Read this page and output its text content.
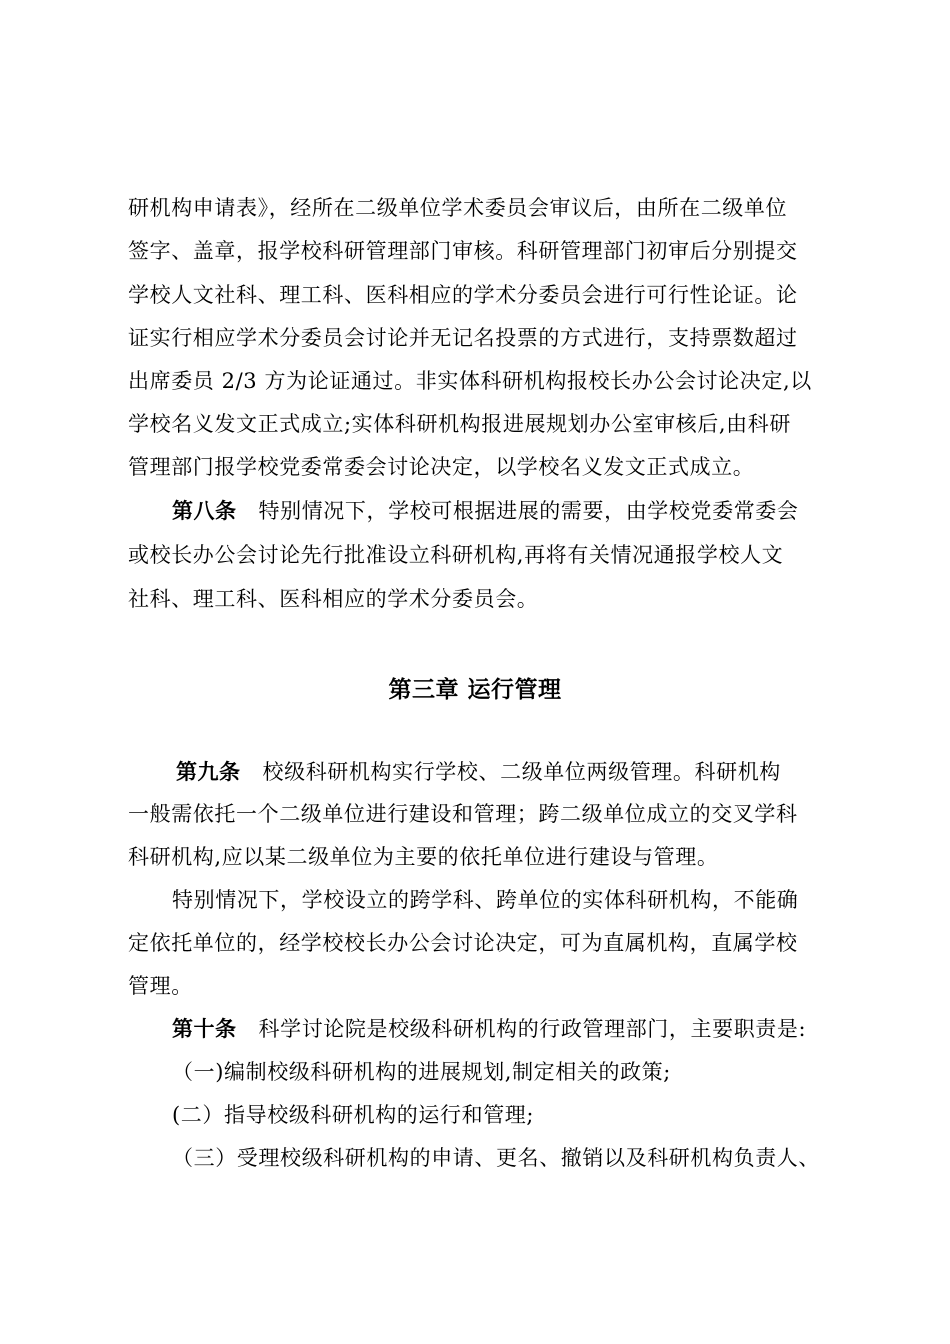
研机构申请表》，经所在二级单位学术委员会审议后，由所在二级单位
签字、盖章，报学校科研管理部门审核。科研管理部门初审后分别提交
学校人文社科、理工科、医科相应的学术分委员会进行可行性论证。论
证实行相应学术分委员会讨论并无记名投票的方式进行，支持票数超过
出席委员 2/3 方为论证通过。非实体科研机构报校长办公会讨论决定,以
学校名义发文正式成立;实体科研机构报进展规划办公室审核后,由科研
管理部门报学校党委常委会讨论决定，以学校名义发文正式成立。
第八条 特别情况下，学校可根据进展的需要，由学校党委常委会
或校长办公会讨论先行批准设立科研机构,再将有关情况通报学校人文
社科、理工科、医科相应的学术分委员会。
第三章 运行管理
第九条 校级科研机构实行学校、二级单位两级管理。科研机构
一般需依托一个二级单位进行建设和管理；跨二级单位成立的交叉学科
科研机构,应以某二级单位为主要的依托单位进行建设与管理。
特别情况下，学校设立的跨学科、跨单位的实体科研机构，不能确
定依托单位的，经学校校长办公会讨论决定，可为直属机构，直属学校
管理。
第十条 科学讨论院是校级科研机构的行政管理部门，主要职责是:
（一)编制校级科研机构的进展规划,制定相关的政策;
(二）指导校级科研机构的运行和管理;
（三）受理校级科研机构的申请、更名、撤销以及科研机构负责人、
